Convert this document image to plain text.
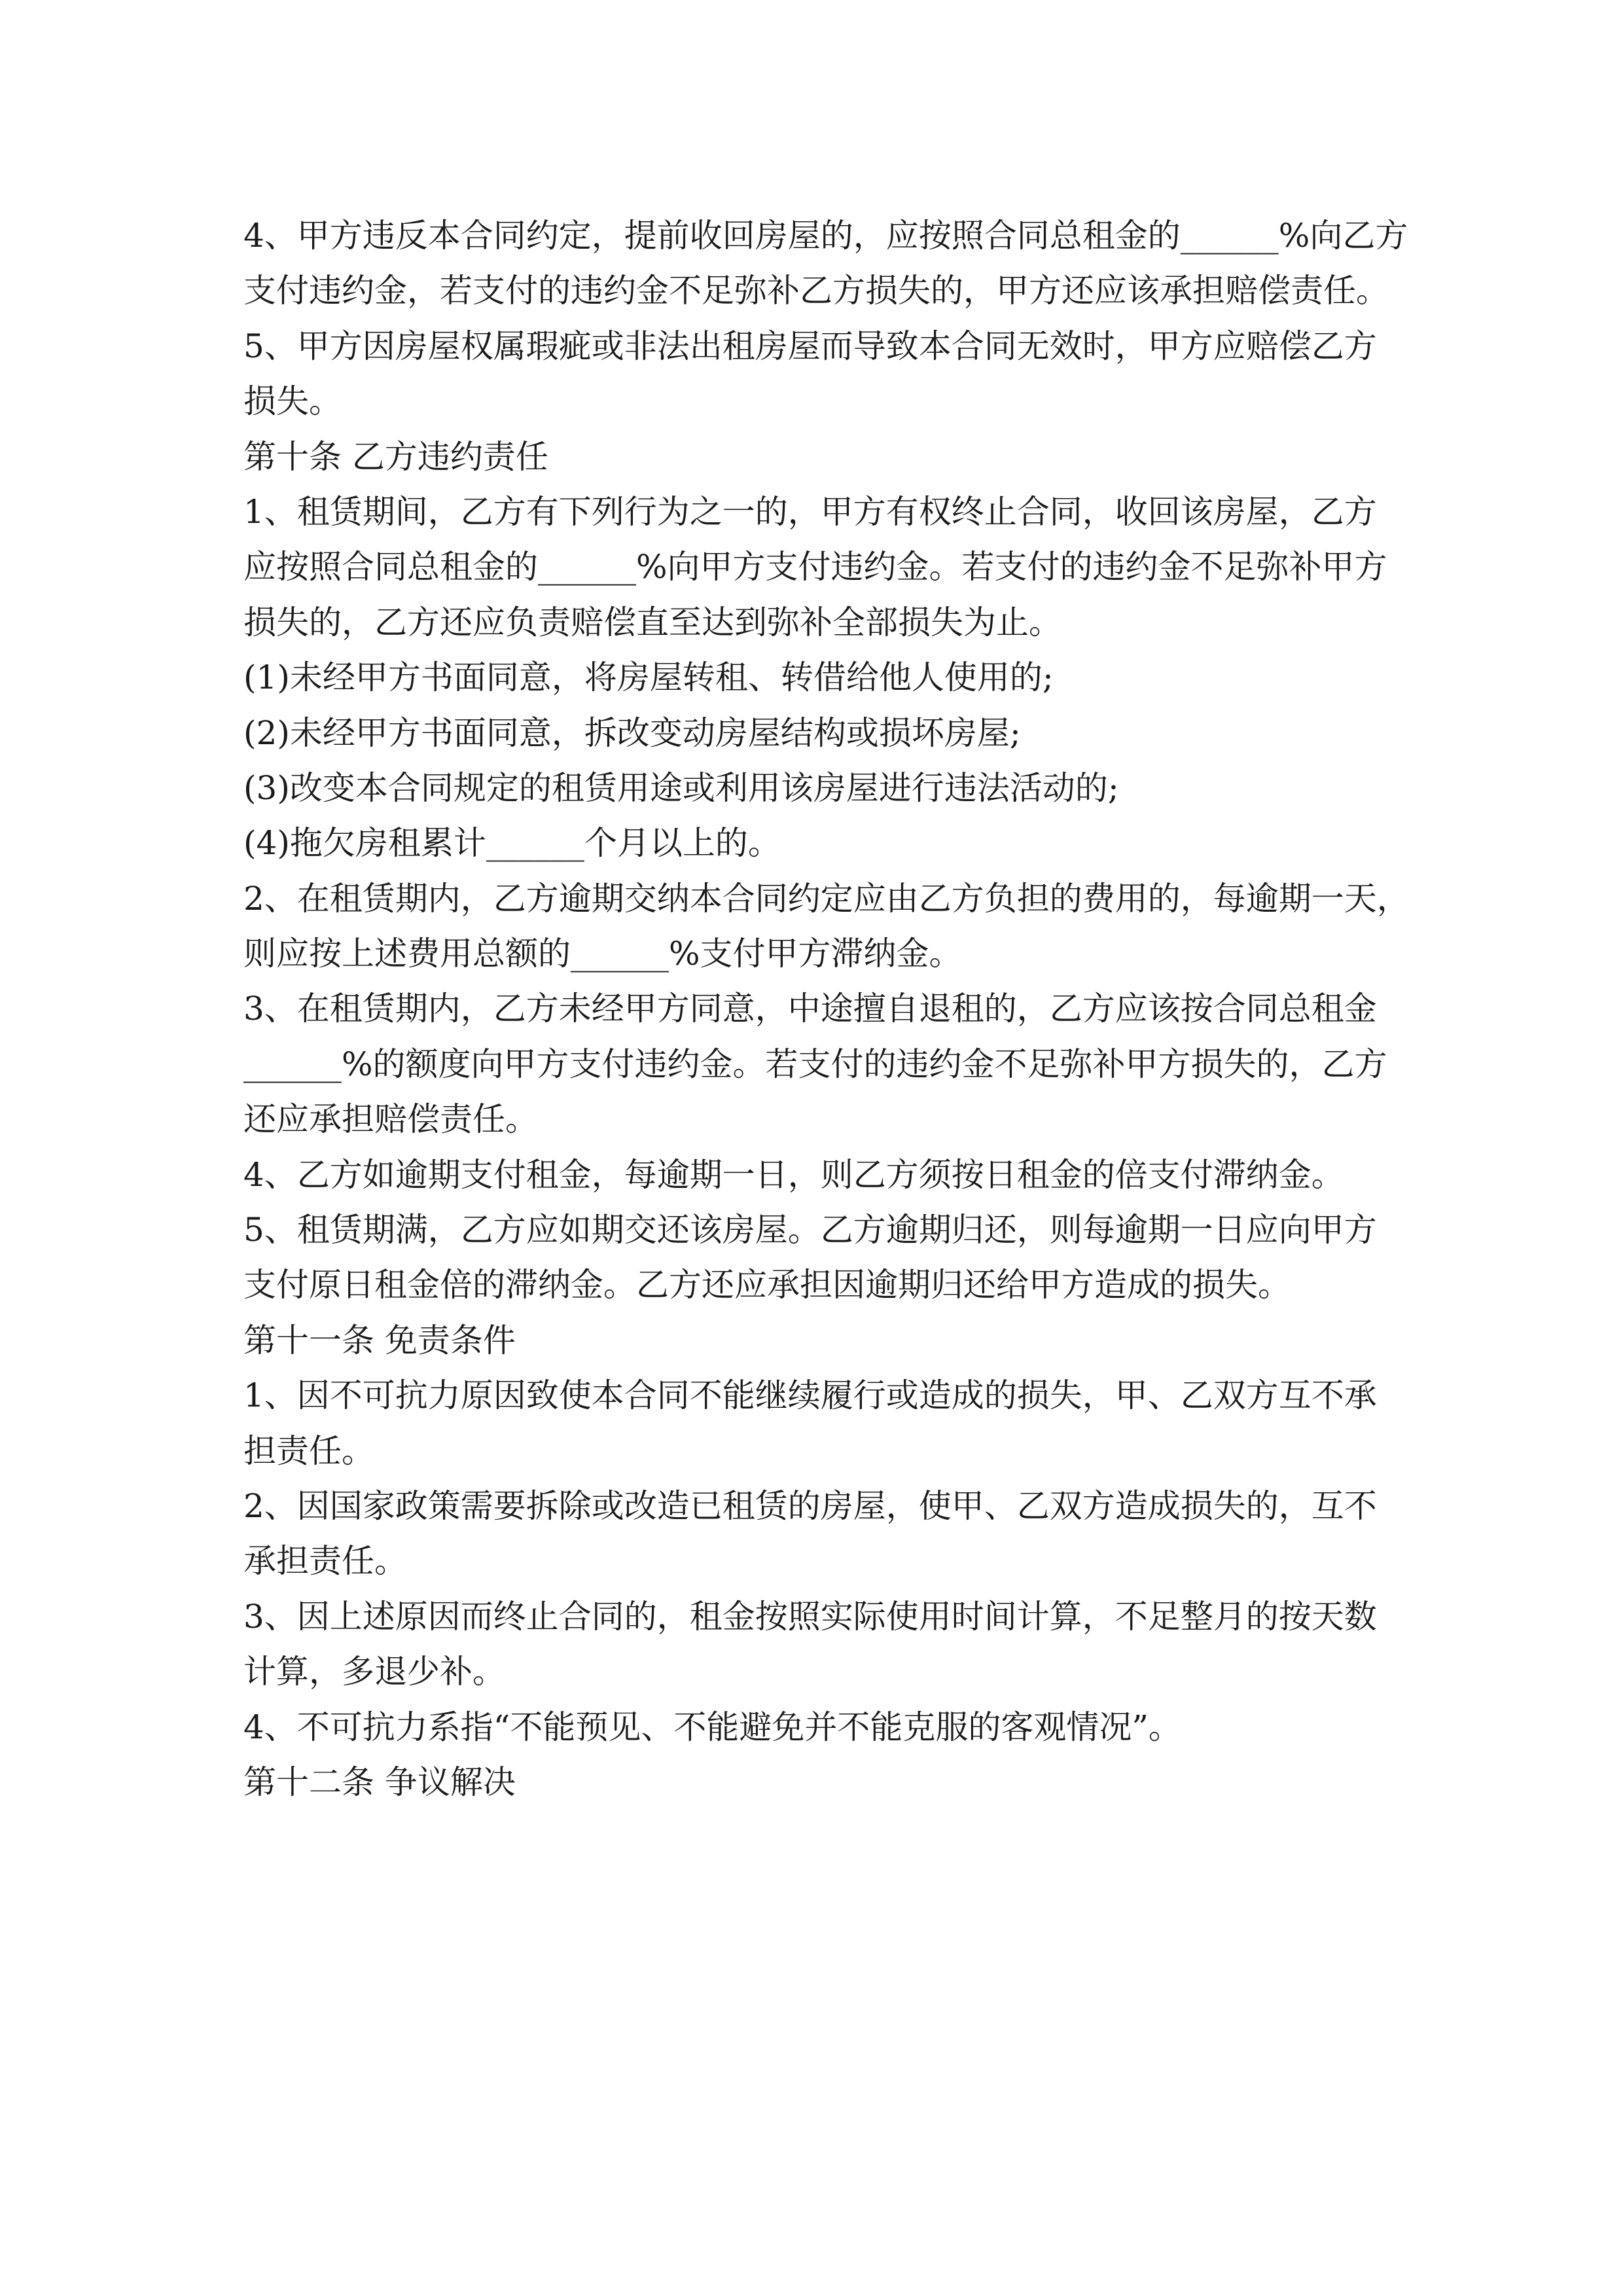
4、甲方违反本合同约定，提前收回房屋的，应按照合同总租金的______%向乙方

支付违约金，若支付的违约金不足弥补乙方损失的，甲方还应该承担赔偿责任。

5、甲方因房屋权属瑕疵或非法出租房屋而导致本合同无效时，甲方应赔偿乙方

损失。

第十条 乙方违约责任

1、租赁期间，乙方有下列行为之一的，甲方有权终止合同，收回该房屋，乙方

应按照合同总租金的______%向甲方支付违约金。若支付的违约金不足弥补甲方

损失的，乙方还应负责赔偿直至达到弥补全部损失为止。

(1)未经甲方书面同意，将房屋转租、转借给他人使用的;

(2)未经甲方书面同意，拆改变动房屋结构或损坏房屋;

(3)改变本合同规定的租赁用途或利用该房屋进行违法活动的;

(4)拖欠房租累计______个月以上的。

2、在租赁期内，乙方逾期交纳本合同约定应由乙方负担的费用的，每逾期一天，

则应按上述费用总额的______%支付甲方滞纳金。

3、在租赁期内，乙方未经甲方同意，中途擅自退租的，乙方应该按合同总租金

______%的额度向甲方支付违约金。若支付的违约金不足弥补甲方损失的，乙方

还应承担赔偿责任。

4、乙方如逾期支付租金，每逾期一日，则乙方须按日租金的倍支付滞纳金。

5、租赁期满，乙方应如期交还该房屋。乙方逾期归还，则每逾期一日应向甲方

支付原日租金倍的滞纳金。乙方还应承担因逾期归还给甲方造成的损失。

第十一条 免责条件

1、因不可抗力原因致使本合同不能继续履行或造成的损失，甲、乙双方互不承

担责任。

2、因国家政策需要拆除或改造已租赁的房屋，使甲、乙双方造成损失的，互不

承担责任。

3、因上述原因而终止合同的，租金按照实际使用时间计算，不足整月的按天数

计算，多退少补。

4、不可抗力系指“不能预见、不能避免并不能克服的客观情况”。

第十二条 争议解决
